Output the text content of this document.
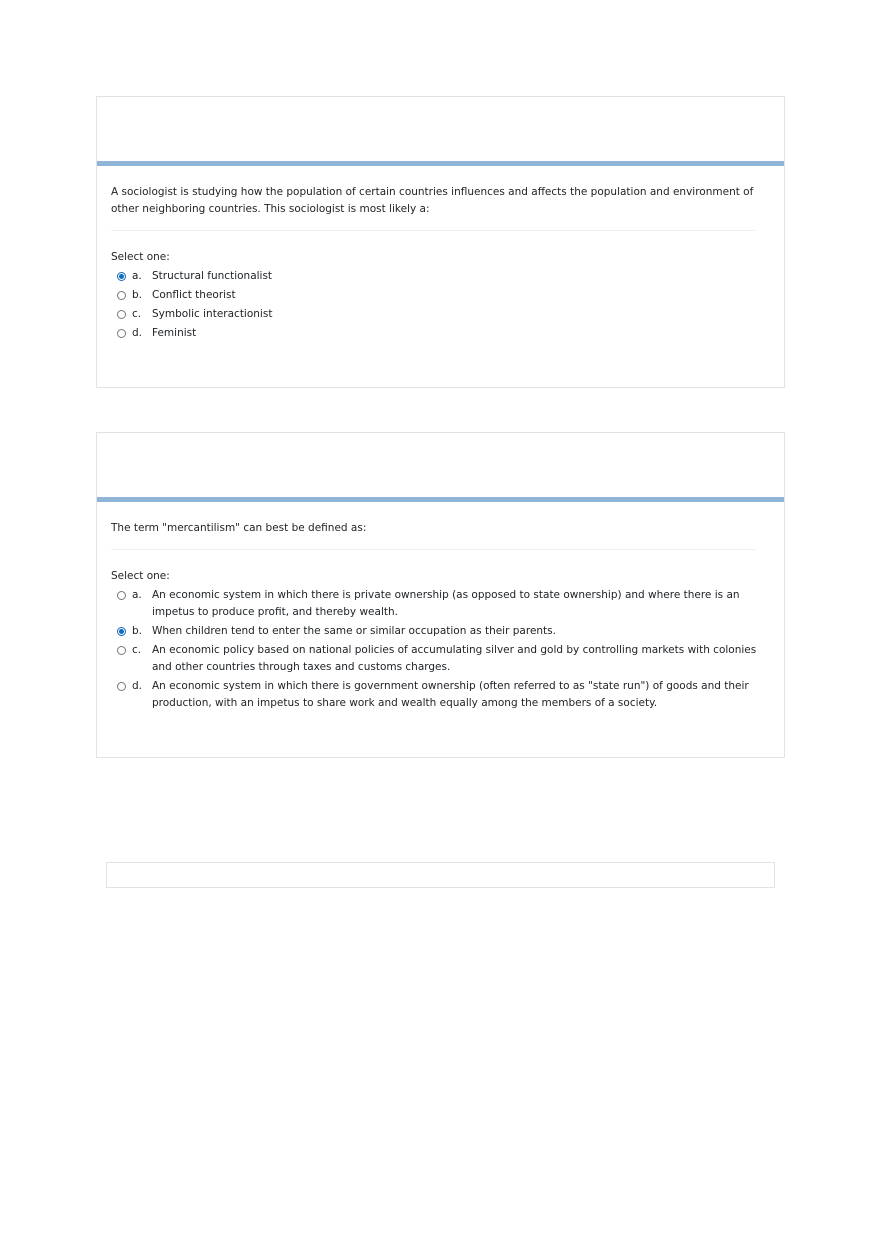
A sociologist is studying how the population of certain countries influences and affects the population and environment of other neighboring countries. This sociologist is most likely a:

Select one:
a. Structural functionalist
b. Conflict theorist
c.	Symbolic interactionist
d. Feminist

The term "mercantilism" can best be defined as:

Select one:
a. An economic system in which there is private ownership (as opposed to state ownership) and where there is an impetus to produce profit, and thereby wealth.
b. When children tend to enter the same or similar occupation as their parents.
c.	An economic policy based on national policies of accumulating silver and gold by controlling markets with colonies and other countries through taxes and customs charges.
d. An economic system in which there is government ownership (often referred to as "state run") of goods and their production, with an impetus to share work and wealth equally among the members of a society.
